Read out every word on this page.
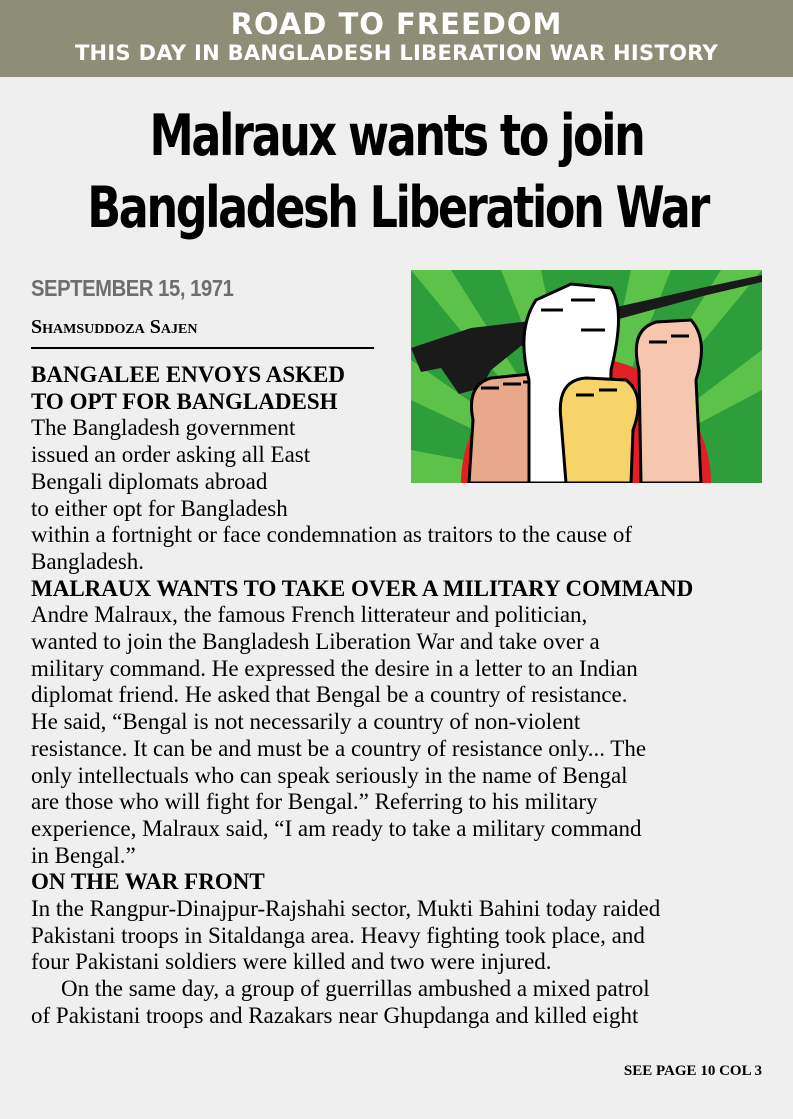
ROAD TO FREEDOM
THIS DAY IN BANGLADESH LIBERATION WAR HISTORY
Malraux wants to join
Bangladesh Liberation War
SEPTEMBER 15, 1971
Shamsuddoza Sajen
BANGALEE ENVOYS ASKED
TO OPT FOR BANGLADESH
The Bangladesh government
issued an order asking all East
Bengali diplomats abroad
to either opt for Bangladesh
within a fortnight or face condemnation as traitors to the cause of
Bangladesh.
MALRAUX WANTS TO TAKE OVER A MILITARY COMMAND
Andre Malraux, the famous French litterateur and politician,
wanted to join the Bangladesh Liberation War and take over a
military command. He expressed the desire in a letter to an Indian
diplomat friend. He asked that Bengal be a country of resistance.
He said, “Bengal is not necessarily a country of non-violent
resistance. It can be and must be a country of resistance only... The
only intellectuals who can speak seriously in the name of Bengal
are those who will fight for Bengal.” Referring to his military
experience, Malraux said, “I am ready to take a military command
in Bengal.”
ON THE WAR FRONT
In the Rangpur-Dinajpur-Rajshahi sector, Mukti Bahini today raided
Pakistani troops in Sitaldanga area. Heavy fighting took place, and
four Pakistani soldiers were killed and two were injured.
On the same day, a group of guerrillas ambushed a mixed patrol
of Pakistani troops and Razakars near Ghupdanga and killed eight
SEE PAGE 10 COL 3
